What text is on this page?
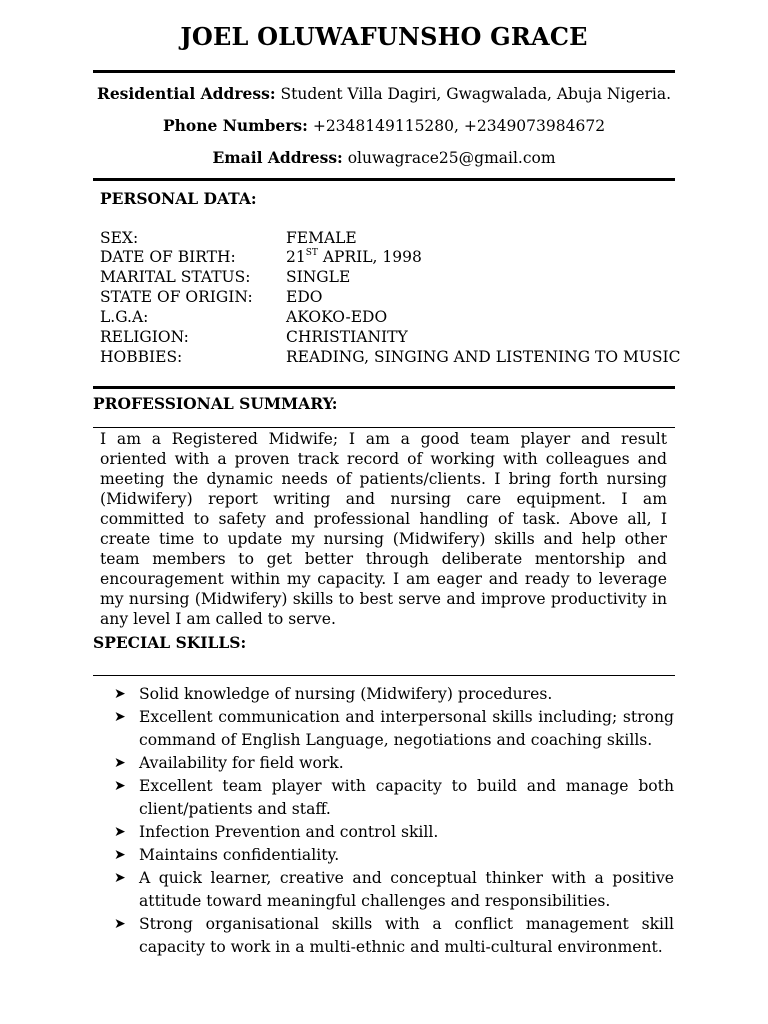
JOEL OLUWAFUNSHO GRACE
Residential Address: Student Villa Dagiri, Gwagwalada, Abuja Nigeria.
Phone Numbers: +2348149115280, +2349073984672
Email Address: oluwagrace25@gmail.com
PERSONAL DATA:
SEX:	FEMALE
DATE OF BIRTH:	21ST APRIL, 1998
MARITAL STATUS: SINGLE
STATE OF ORIGIN: EDO
L.G.A:	AKOKO-EDO
RELIGION:	CHRISTIANITY
HOBBIES:	READING, SINGING AND LISTENING TO MUSIC
PROFESSIONAL SUMMARY:

I am a Registered Midwife; I am a good team player and result oriented with a proven track record of working with colleagues and meeting the dynamic needs of patients/clients. I bring forth nursing (Midwifery) report writing and nursing care equipment. I am committed to safety and professional handling of task. Above all, I create time to update my nursing (Midwifery) skills and help other team members to get better through deliberate mentorship and encouragement within my capacity. I am eager and ready to leverage my nursing (Midwifery) skills to best serve and improve productivity in any level I am called to serve.

SPECIAL SKILLS:
➤ Solid knowledge of nursing (Midwifery) procedures.
➤ Excellent communication and interpersonal skills including; strong command of English Language, negotiations and coaching skills.
➤ Availability for field work.
➤ Excellent team player with capacity to build and manage both client/patients and staff.
➤ Infection Prevention and control skill.
➤ Maintains confidentiality.
➤ A quick learner, creative and conceptual thinker with a positive attitude toward meaningful challenges and responsibilities.
➤ Strong organisational skills with a conflict management skill capacity to work in a multi-ethnic and multi-cultural environment.
